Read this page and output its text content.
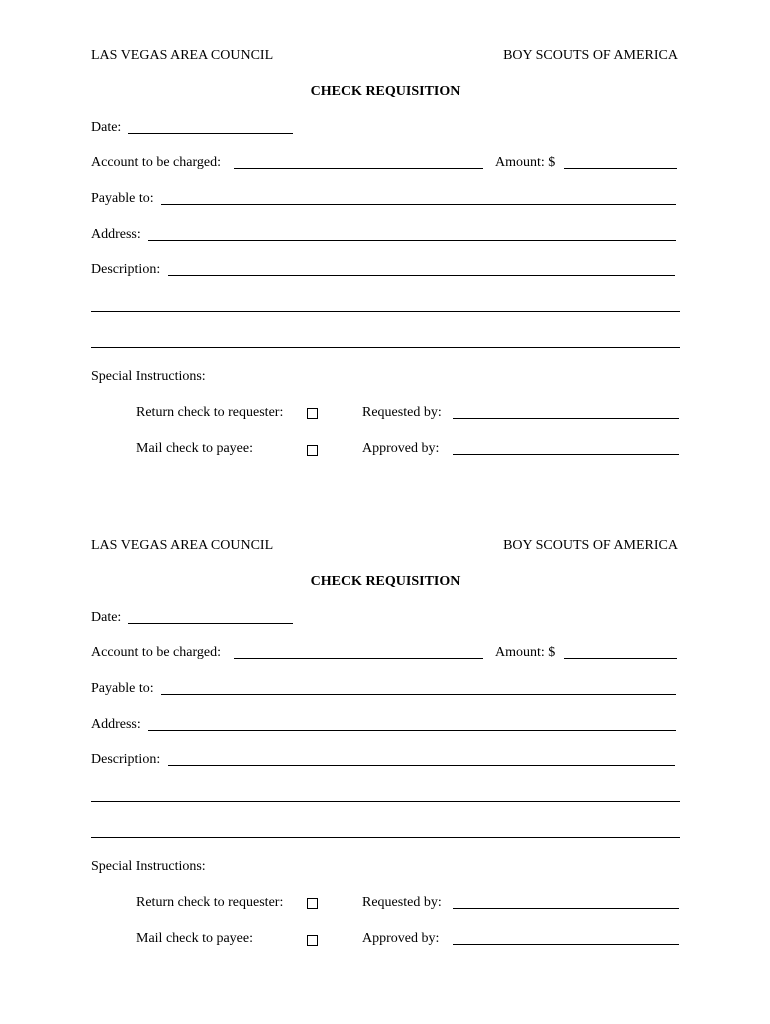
LAS VEGAS AREA COUNCIL	BOY SCOUTS OF AMERICA
CHECK REQUISITION
Date:
Account to be charged:	Amount: $
Payable to:
Address:
Description:
Special Instructions:
Return check to requester:	Requested by:
Mail check to payee:	Approved by:
LAS VEGAS AREA COUNCIL	BOY SCOUTS OF AMERICA
CHECK REQUISITION
Date:
Account to be charged:	Amount: $
Payable to:
Address:
Description:
Special Instructions:
Return check to requester:	Requested by:
Mail check to payee:	Approved by:
